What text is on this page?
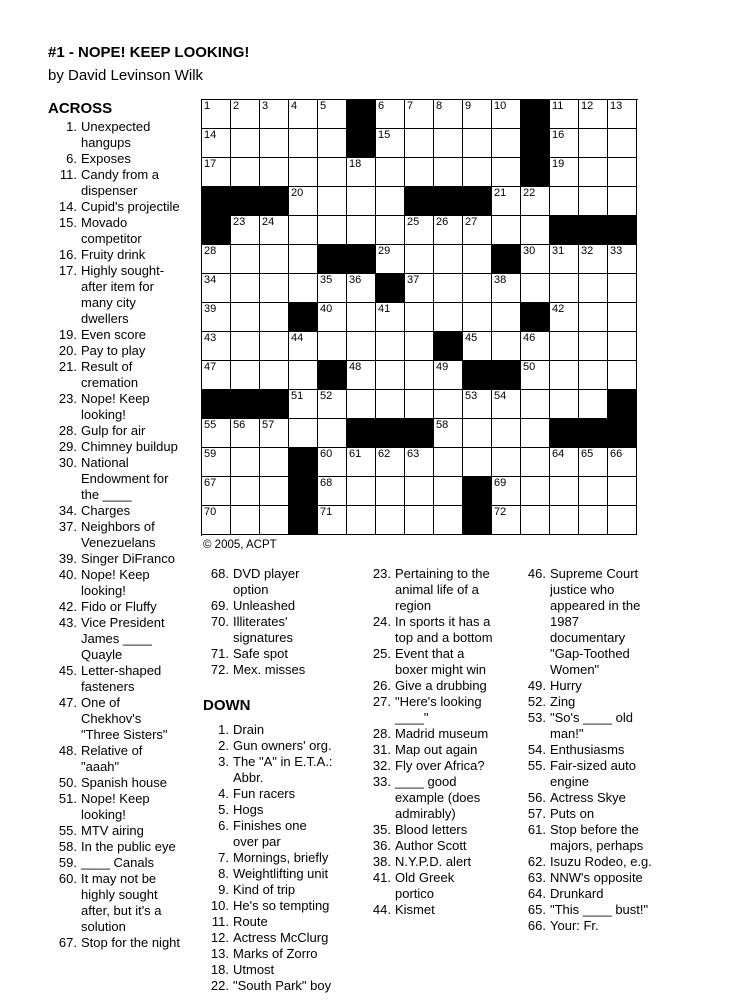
#1 - NOPE! KEEP LOOKING!
by David Levinson Wilk
ACROSS	1 2 3 4 5	6 7 8 9 10	11 12 13
14	15	16
17	18	19
20	21 22
23 24	25 26 27
28	29	30 31 32 33
34	35 36	37	38
39	40	41	42
43	44	45	46
47	48	49	50
51 52	53 54
55 56 57	58
59	60 61 62 63	64 65 66
67	68	69
70	71	72
© 2005, ACPT
1. Unexpected hangups
6. Exposes
11. Candy from a dispenser
14. Cupid's projectile
15. Movado competitor
16. Fruity drink
17. Highly sought-after item for many city dwellers
19. Even score
20. Pay to play
21. Result of cremation
23. Nope! Keep looking!
28. Gulp for air
29. Chimney buildup
30. National Endowment for the ____
34. Charges
37. Neighbors of Venezuelans
39. Singer DiFranco
40. Nope! Keep looking!
42. Fido or Fluffy
43. Vice President James ____ Quayle
45. Letter-shaped fasteners
47. One of Chekhov's "Three Sisters"
48. Relative of "aaah"
50. Spanish house
51. Nope! Keep looking!
55. MTV airing
58. In the public eye
59. ____ Canals
60. It may not be highly sought after, but it's a solution
67. Stop for the night
68. DVD player option
69. Unleashed
70. Illiterates' signatures
71. Safe spot
72. Mex. misses
DOWN
1. Drain
2. Gun owners' org.
3. The "A" in E.T.A.: Abbr.
4. Fun racers
5. Hogs
6. Finishes one over par
7. Mornings, briefly
8. Weightlifting unit
9. Kind of trip
10. He's so tempting
11. Route
12. Actress McClurg
13. Marks of Zorro
18. Utmost
22. "South Park" boy
23. Pertaining to the animal life of a region
24. In sports it has a top and a bottom
25. Event that a boxer might win
26. Give a drubbing
27. "Here's looking ____"
28. Madrid museum
31. Map out again
32. Fly over Africa?
33. ____ good example (does admirably)
35. Blood letters
36. Author Scott
38. N.Y.P.D. alert
41. Old Greek portico
44. Kismet
46. Supreme Court justice who appeared in the 1987 documentary "Gap-Toothed Women"
49. Hurry
52. Zing
53. "So's ____ old man!"
54. Enthusiasms
55. Fair-sized auto engine
56. Actress Skye
57. Puts on
61. Stop before the majors, perhaps
62. Isuzu Rodeo, e.g.
63. NNW's opposite
64. Drunkard
65. "This ____ bust!"
66. Your: Fr.
